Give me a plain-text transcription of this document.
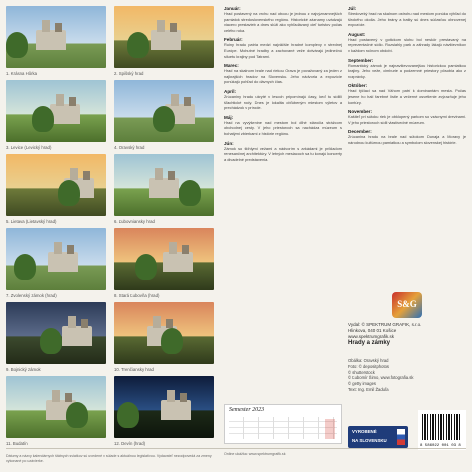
1. Krásna Hôrka	2. Spišský hrad
3. Levice (Levický hrad)	4. Oravský hrad
5. Lietava (Lietavský hrad)	6. Ľubovniansky hrad
7. Zvolenský zámok (hrad)	8. Stará Ľubovňa (hrad)
9. Bojnický zámok	10. Trenčiansky hrad
11. Budatín	12. Devín (hrad)
Január:
Hrad postavený na vrchu nad obcou je jednou z najvýznamnejších pamiatok stredoslovenského regiónu. Historické záznamy uvádzajú viacero prestavieb a dnes slúži ako vyhľadávaný cieľ turistov počas celého roka.
Február:
Ruiny hradu patria medzi najväčšie hradné komplexy v strednej Európe. Mohutné hradby a zachované veže dotvárajú jedinečnú siluetu krajiny pod Tatrami.
Marec:
Hrad na skalnom brale nad riekou Orava je považovaný za jeden z najkrajších hradov na Slovensku. Jeho nádvoria a expozície ponúkajú pohľad do dávnych čias.
Apríl:
Zrúcaniny hradu ukryté v lesoch pripomínajú časy, keď tu sídlili šľachtické rody. Dnes je lokalita obľúbeným miestom výletov a prechádzok v prírode.
Máj:
Hrad na vyvýšenine nad mestom bol dlhé stáročia strážcom obchodnej cesty. V jeho priestoroch sa nachádza múzeum s bohatými zbierkami z histórie regiónu.
Jún:
Zámok so štíhlymi vežami a nádvorím s arkádami je príkladom renesančnej architektúry. V letných mesiacoch sa tu konajú koncerty a divadelné predstavenia.
Júl:
Stredoveký hrad na skalnom ostrohu nad mestom ponúka výhľad do širokého okolia. Jeho brány a bašty sú dnes súčasťou obnovenej expozície.
August:
Hrad postavený v gotickom slohu bol neskôr prestavaný na reprezentačné sídlo. Rozsiahly park a záhrady lákajú návštevníkov v každom ročnom období.
September:
Romantický zámok je najnavštevovanejšou historickou pamiatkou krajiny. Jeho veže, cimburie a podzemné priestory pôsobia ako z rozprávky.
Október:
Hrad týčiaci sa nad Váhom patrí k dominantám mesta. Počas jesene ho halí farebné lístie a večerné osvetlenie zvýrazňuje jeho kontúry.
November:
Kaštieľ pri sútoku riek je obklopený parkom so vzácnymi drevinami. V jeho priestoroch sídli vlastivedné múzeum.
December:
Zrúcanina hradu na brale nad sútokom Dunaja a Moravy je národnou kultúrnou pamiatkou a symbolom slovenskej histórie.
Semester 2023
S&G
Vydal: © SPEKTRUM GRAFIK, s.r.o.
Hlinkova, 040 01 Košice
www.spektrumgrafik.sk
Hrady a zámky
Obálka: Oravský hrad
Foto: © depositphotos
© shutterstock
© Ľubomír Šimo, www.fotografia.sk
© getty images
Text: Ing. Emil Žaduľa
VYROBENÉ
NA SLOVENSKU
8 586022 001 03 8
Dátumy a názvy kalendárnych štátnych sviatkov sú uvedené v súlade s aktuálnou legislatívou. Vydavateľ nezodpovedá za zmeny vykonané po uzávierke.
Online ukážka: www.spektrumgrafik.sk
